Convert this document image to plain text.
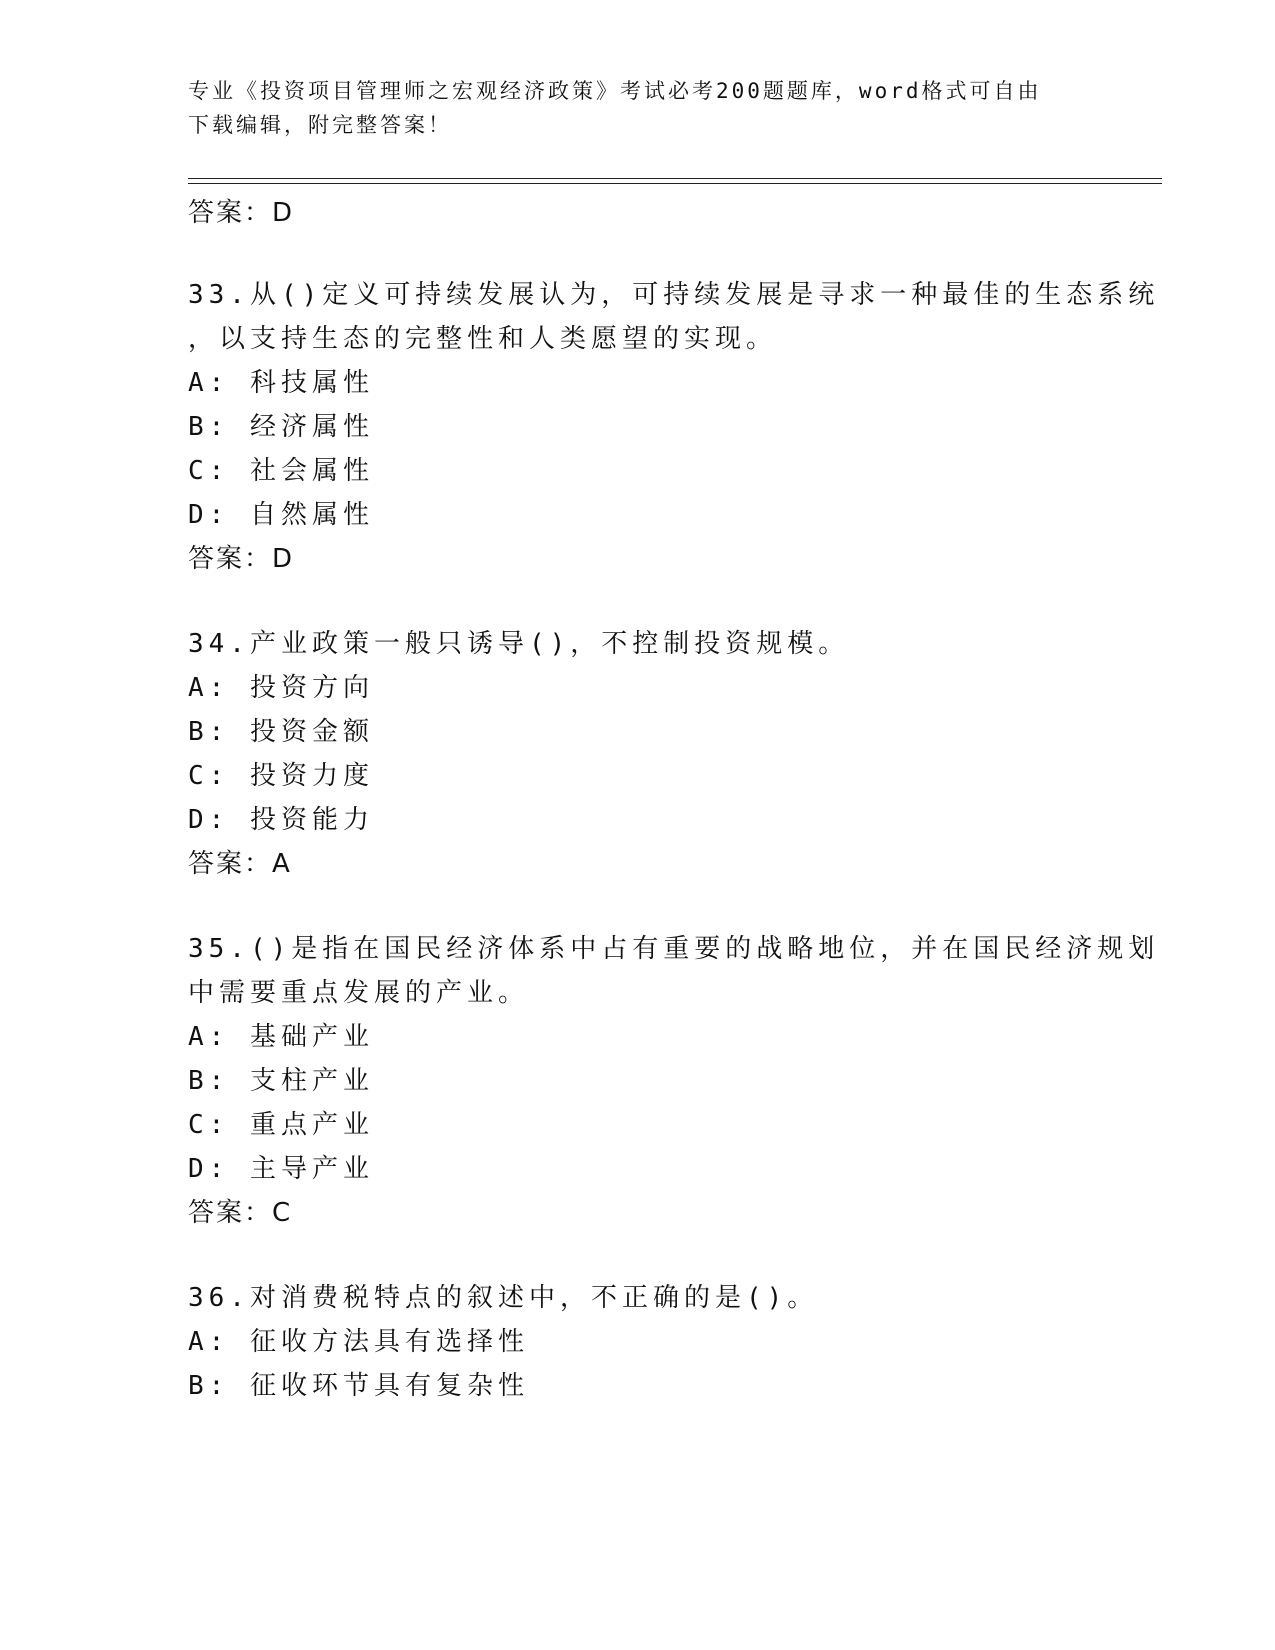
专业《投资项目管理师之宏观经济政策》考试必考200题题库，word格式可自由
下载编辑，附完整答案！
答案：D
33.从()定义可持续发展认为，可持续发展是寻求一种最佳的生态系统
，以支持生态的完整性和人类愿望的实现。
A: 科技属性
B: 经济属性
C: 社会属性
D: 自然属性
答案：D
34.产业政策一般只诱导()，不控制投资规模。
A: 投资方向
B: 投资金额
C: 投资力度
D: 投资能力
答案：A
35.()是指在国民经济体系中占有重要的战略地位，并在国民经济规划
中需要重点发展的产业。
A: 基础产业
B: 支柱产业
C: 重点产业
D: 主导产业
答案：C
36.对消费税特点的叙述中，不正确的是()。
A: 征收方法具有选择性
B: 征收环节具有复杂性
